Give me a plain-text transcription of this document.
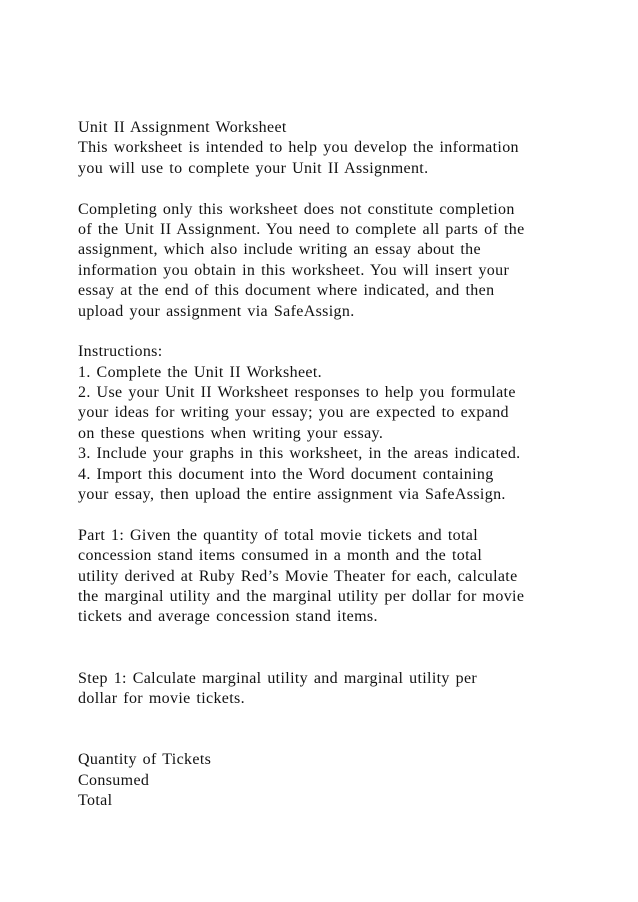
Unit II Assignment Worksheet
This worksheet is intended to help you develop the information
you will use to complete your Unit II Assignment.
Completing only this worksheet does not constitute completion
of the Unit II Assignment. You need to complete all parts of the
assignment, which also include writing an essay about the
information you obtain in this worksheet. You will insert your
essay at the end of this document where indicated, and then
upload your assignment via SafeAssign.
Instructions:
1. Complete the Unit II Worksheet.
2. Use your Unit II Worksheet responses to help you formulate
your ideas for writing your essay; you are expected to expand
on these questions when writing your essay.
3. Include your graphs in this worksheet, in the areas indicated.
4. Import this document into the Word document containing
your essay, then upload the entire assignment via SafeAssign.
Part 1: Given the quantity of total movie tickets and total
concession stand items consumed in a month and the total
utility derived at Ruby Red’s Movie Theater for each, calculate
the marginal utility and the marginal utility per dollar for movie
tickets and average concession stand items.
Step 1: Calculate marginal utility and marginal utility per
dollar for movie tickets.
Quantity of Tickets
Consumed
Total
